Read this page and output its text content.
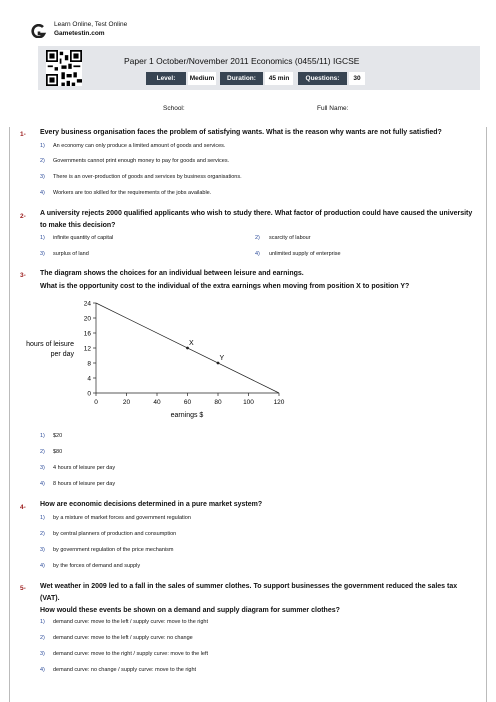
Learn Online, Test Online
Gametestin.com
Paper 1 October/November 2011 Economics (0455/11) IGCSE
Level:	Medium	Duration:	45 min	Questions:	30
School:	Full Name:
1- Every business organisation faces the problem of satisfying wants. What is the reason why wants are not fully satisfied?
1) An economy can only produce a limited amount of goods and services.
2) Governments cannot print enough money to pay for goods and services.
3) There is an over-production of goods and services by business organisations.
4) Workers are too skilled for the requirements of the jobs available.
2- A university rejects 2000 qualified applicants who wish to study there. What factor of production could have caused the university
to make this decision?
1) infinite quantity of capital	2) scarcity of labour
3) surplus of land	4) unlimited supply of enterprise
3- The diagram shows the choices for an individual between leisure and earnings.
What is the opportunity cost to the individual of the extra earnings when moving from position X to position Y?
0
4
8
12
16
20
24
0	20	40	60	80	100	120
X
Y
hours of leisure
per day
earnings $
1) $20
2) $80
3) 4 hours of leisure per day
4) 8 hours of leisure per day
4- How are economic decisions determined in a pure market system?
1) by a mixture of market forces and government regulation
2) by central planners of production and consumption
3) by government regulation of the price mechanism
4) by the forces of demand and supply
5- Wet weather in 2009 led to a fall in the sales of summer clothes. To support businesses the government reduced the sales tax
(VAT).
How would these events be shown on a demand and supply diagram for summer clothes?
1) demand curve: move to the left / supply curve: move to the right
2) demand curve: move to the left / supply curve: no change
3) demand curve: move to the right / supply curve: move to the left
4) demand curve: no change / supply curve: move to the right
